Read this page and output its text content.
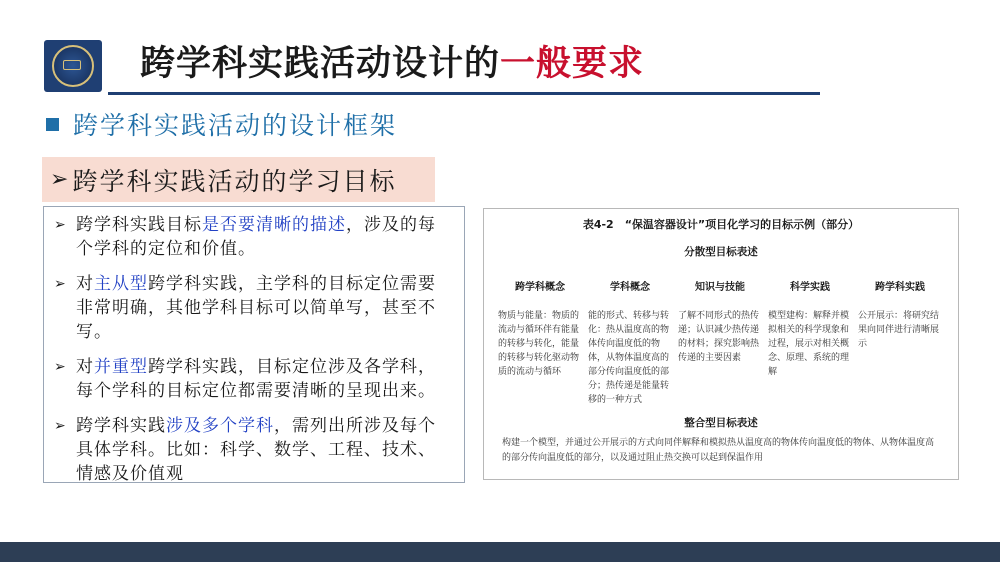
跨学科实践活动设计的一般要求
跨学科实践活动的设计框架
➢ 跨学科实践活动的学习目标
➢ 跨学科实践目标是否要清晰的描述，涉及的每个学科的定位和价值。
➢ 对主从型跨学科实践，主学科的目标定位需要非常明确，其他学科目标可以简单写，甚至不写。
➢ 对并重型跨学科实践，目标定位涉及各学科，每个学科的目标定位都需要清晰的呈现出来。
➢ 跨学科实践涉及多个学科，需列出所涉及每个具体学科。比如：科学、数学、工程、技术、情感及价值观
表4-2　“保温容器设计”项目化学习的目标示例（部分）
分散型目标表述
跨学科概念
物质与能量：物质的流动与循环伴有能量的转移与转化，能量的转移与转化驱动物质的流动与循环
学科概念
能的形式、转移与转化：热从温度高的物体传向温度低的物体，从物体温度高的部分传向温度低的部分；热传递是能量转移的一种方式
知识与技能
了解不同形式的热传递；认识减少热传递的材料；探究影响热传递的主要因素
科学实践
模型建构：解释并模拟相关的科学现象和过程，展示对相关概念、原理、系统的理解
跨学科实践
公开展示：将研究结果向同伴进行清晰展示
整合型目标表述
构建一个模型，并通过公开展示的方式向同伴解释和模拟热从温度高的物体传向温度低的物体、从物体温度高的部分传向温度低的部分，以及通过阻止热交换可以起到保温作用
